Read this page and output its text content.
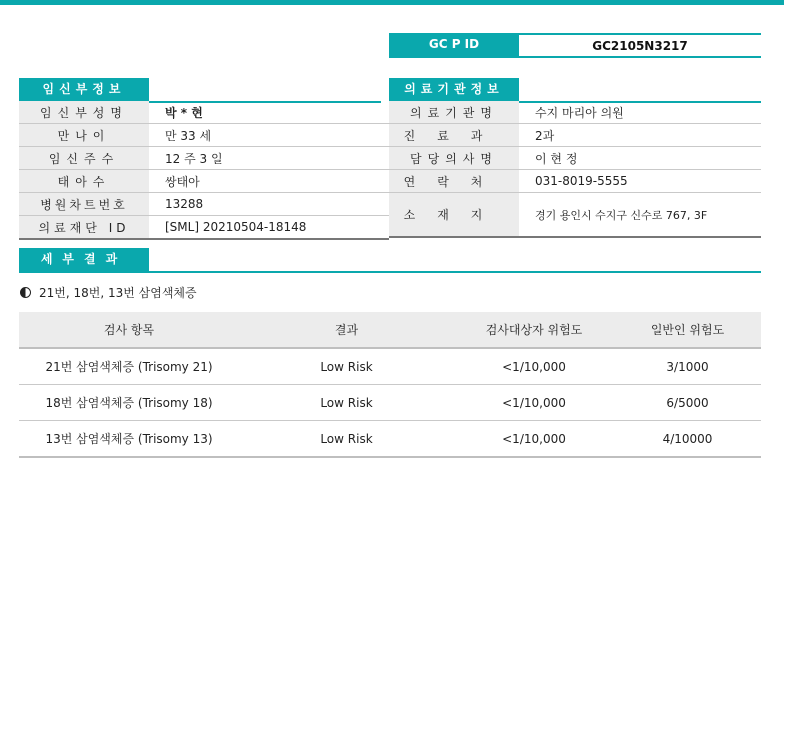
GC P ID	GC2105N3217
임신부정보	의료기관정보
임신부성명	박 * 현
만나이	만 33 세
임신주수	12 주 3 일
태아수	쌍태아
병원차트번호	13288
의료재단 ID	[SML] 20210504-18148
의료기관명	수지 마리아 의원
진료과	2과
담당의사명	이 현 정
연락처	031-8019-5555
소재지	경기 용인시 수지구 신수로 767, 3F
세부결과
21번, 18번, 13번 삼염색체증
검사 항목	결과	검사대상자 위험도	일반인 위험도
21번 삼염색체증 (Trisomy 21)	Low Risk	<1/10,000	3/1000
18번 삼염색체증 (Trisomy 18)	Low Risk	<1/10,000	6/5000
13번 삼염색체증 (Trisomy 13)	Low Risk	<1/10,000	4/10000
